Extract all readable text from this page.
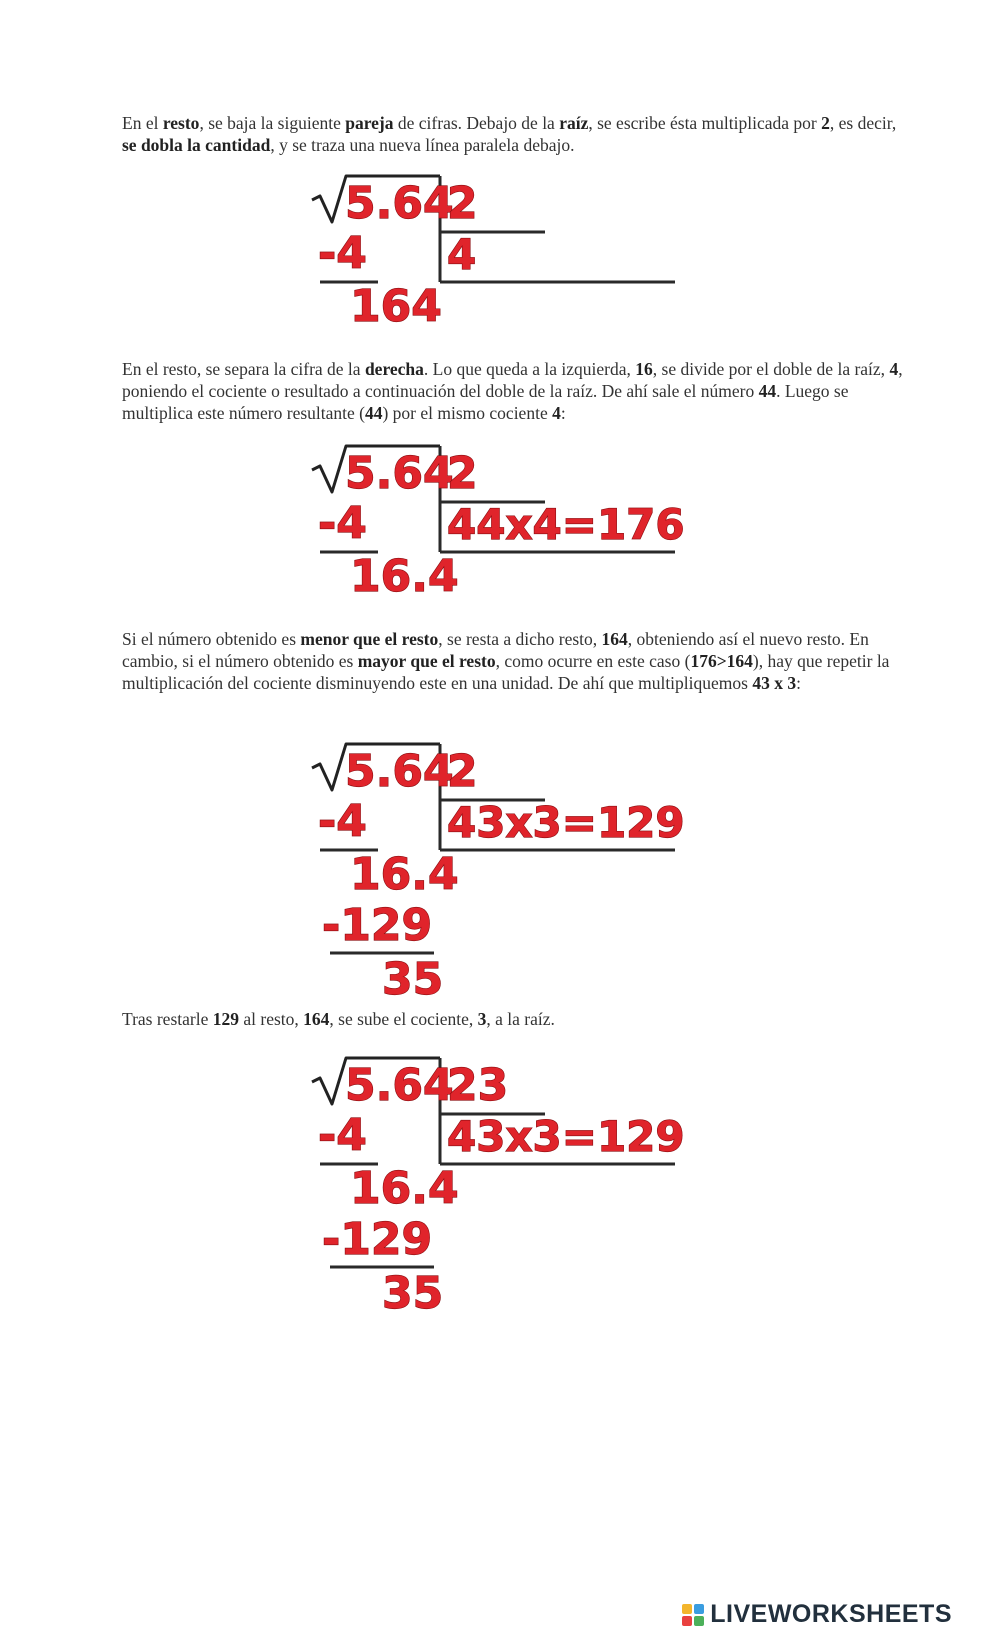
En el resto, se baja la siguiente pareja de cifras. Debajo de la raíz, se escribe ésta multiplicada por 2, es decir, se dobla la cantidad, y se traza una nueva línea paralela debajo.

5.64
2
-4 4
164

En el resto, se separa la cifra de la derecha. Lo que queda a la izquierda, 16, se divide por el doble de la raíz, 4, poniendo el cociente o resultado a continuación del doble de la raíz. De ahí sale el número 44. Luego se multiplica este número resultante (44) por el mismo cociente 4:

5.64
2
-4 44x4=176
16.4

Si el número obtenido es menor que el resto, se resta a dicho resto, 164, obteniendo así el nuevo resto. En cambio, si el número obtenido es mayor que el resto, como ocurre en este caso (176>164), hay que repetir la multiplicación del cociente disminuyendo este en una unidad. De ahí que multipliquemos 43 x 3:

5.64
2
-4 43x3=129
16.4
-129
35

Tras restarle 129 al resto, 164, se sube el cociente, 3, a la raíz.

5.64
23
-4 43x3=129
16.4
-129
35
LIVEWORKSHEETS
